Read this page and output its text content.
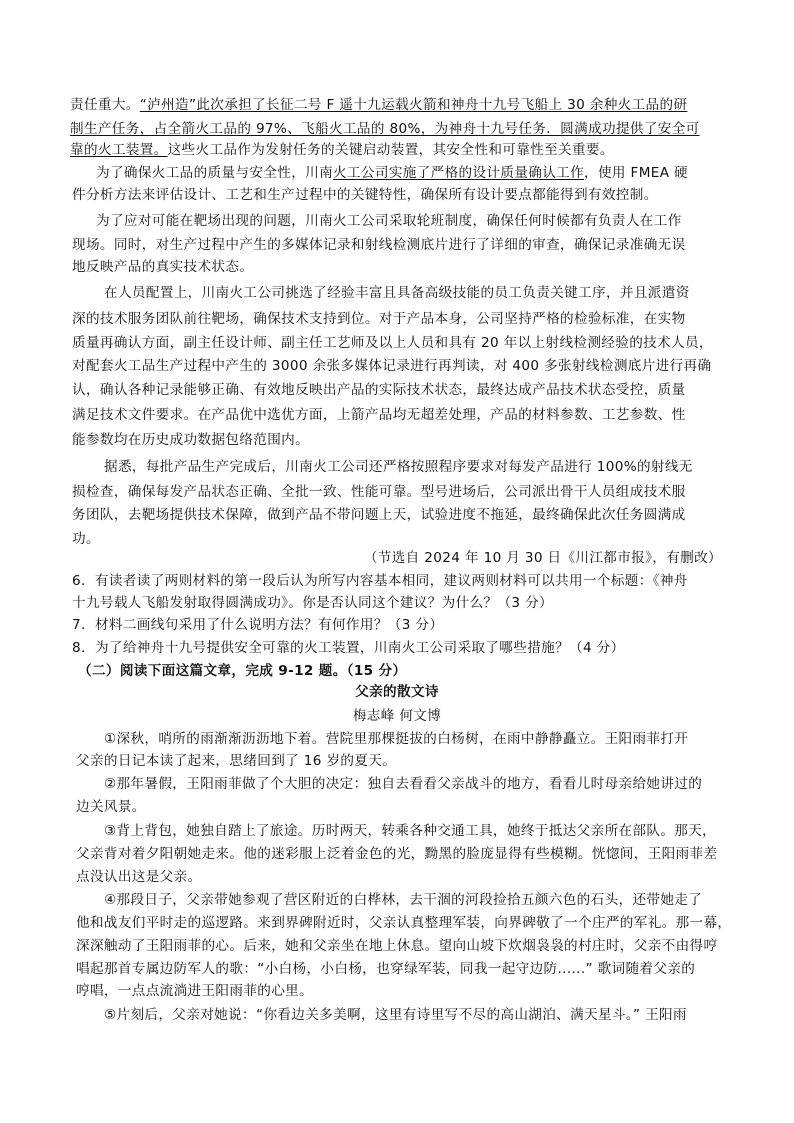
责任重大。“泸州造”此次承担了长征二号 F 遥十九运载火箭和神舟十九号飞船上 30 余种火工品的研
制生产任务，占全箭火工品的 97%、飞船火工品的 80%，为神舟十九号任务．圆满成功提供了安全可
靠的火工装置。这些火工品作为发射任务的关键启动装置，其安全性和可靠性至关重要。
为了确保火工品的质量与安全性，川南火工公司实施了严格的设计质量确认工作，使用 FMEA 硬
件分析方法来评估设计、工艺和生产过程中的关键特性，确保所有设计要点都能得到有效控制。
为了应对可能在靶场出现的问题，川南火工公司采取轮班制度，确保任何时候都有负责人在工作
现场。同时，对生产过程中产生的多媒体记录和射线检测底片进行了详细的审查，确保记录准确无误
地反映产品的真实技术状态。
在人员配置上，川南火工公司挑选了经验丰富且具备高级技能的员工负责关键工序，并且派遣资
深的技术服务团队前往靶场，确保技术支持到位。对于产品本身，公司坚持严格的检验标准，在实物
质量再确认方面，副主任设计师、副主任工艺师及以上人员和具有 20 年以上射线检测经验的技术人员，
对配套火工品生产过程中产生的 3000 余张多媒体记录进行再判读，对 400 多张射线检测底片进行再确
认，确认各种记录能够正确、有效地反映出产品的实际技术状态，最终达成产品技术状态受控，质量
满足技术文件要求。在产品优中选优方面，上箭产品均无超差处理，产品的材料参数、工艺参数、性
能参数均在历史成功数据包络范围内。
据悉，每批产品生产完成后，川南火工公司还严格按照程序要求对每发产品进行 100%的射线无
损检查，确保每发产品状态正确、全批一致、性能可靠。型号进场后，公司派出骨干人员组成技术服
务团队，去靶场提供技术保障，做到产品不带问题上天，试验进度不拖延，最终确保此次任务圆满成
功。
（节选自 2024 年 10 月 30 日《川江都市报》，有删改）
6．有读者读了两则材料的第一段后认为所写内容基本相同，建议两则材料可以共用一个标题：《神舟
十九号载人飞船发射取得圆满成功》。你是否认同这个建议？为什么？（3 分）
7．材料二画线句采用了什么说明方法？有何作用？（3 分）
8．为了给神舟十九号提供安全可靠的火工装置，川南火工公司采取了哪些措施？（4 分）
（二）阅读下面这篇文章，完成 9-12 题。（15 分）
父亲的散文诗
梅志峰 何文博
①深秋，哨所的雨渐渐沥沥地下着。营院里那棵挺拔的白杨树，在雨中静静矗立。王阳雨菲打开
父亲的日记本读了起来，思绪回到了 16 岁的夏天。
②那年暑假，王阳雨菲做了个大胆的决定：独自去看看父亲战斗的地方，看看儿时母亲给她讲过的
边关风景。
③背上背包，她独自踏上了旅途。历时两天，转乘各种交通工具，她终于抵达父亲所在部队。那天，
父亲背对着夕阳朝她走来。他的迷彩服上泛着金色的光，黝黑的脸庞显得有些模糊。恍惚间，王阳雨菲差
点没认出这是父亲。
④那段日子，父亲带她参观了营区附近的白桦林，去干涸的河段捡拾五颜六色的石头，还带她走了
他和战友们平时走的巡逻路。来到界碑附近时，父亲认真整理军装，向界碑敬了一个庄严的军礼。那一幕，
深深触动了王阳雨菲的心。后来，她和父亲坐在地上休息。望向山坡下炊烟袅袅的村庄时，父亲不由得哼
唱起那首专属边防军人的歌：“小白杨，小白杨，也穿绿军装，同我一起守边防......” 歌词随着父亲的
哼唱，一点点流淌进王阳雨菲的心里。
⑤片刻后，父亲对她说：“你看边关多美啊，这里有诗里写不尽的高山湖泊、满天星斗。” 王阳雨
